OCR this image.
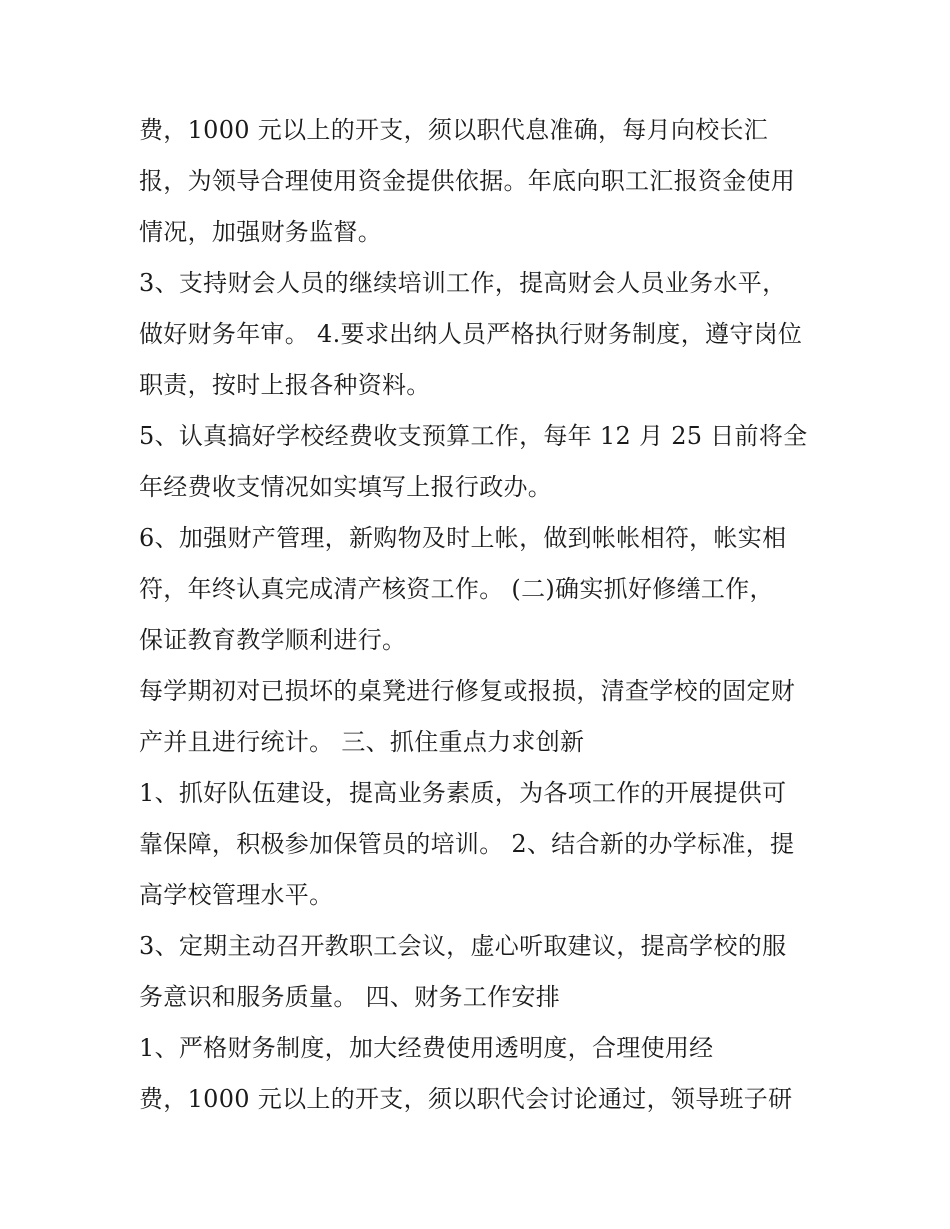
费，1000 元以上的开支，须以职代息准确，每月向校长汇
报，为领导合理使用资金提供依据。年底向职工汇报资金使用
情况，加强财务监督。
3、支持财会人员的继续培训工作，提高财会人员业务水平，
做好财务年审。 4.要求出纳人员严格执行财务制度，遵守岗位
职责，按时上报各种资料。
5、认真搞好学校经费收支预算工作，每年 12 月 25 日前将全
年经费收支情况如实填写上报行政办。
6、加强财产管理，新购物及时上帐，做到帐帐相符，帐实相
符，年终认真完成清产核资工作。 (二)确实抓好修缮工作，
保证教育教学顺利进行。
每学期初对已损坏的桌凳进行修复或报损，清查学校的固定财
产并且进行统计。 三、抓住重点力求创新
1、抓好队伍建设，提高业务素质，为各项工作的开展提供可
靠保障，积极参加保管员的培训。 2、结合新的办学标准，提
高学校管理水平。
3、定期主动召开教职工会议，虚心听取建议，提高学校的服
务意识和服务质量。 四、财务工作安排
1、严格财务制度，加大经费使用透明度，合理使用经
费，1000 元以上的开支，须以职代会讨论通过，领导班子研
